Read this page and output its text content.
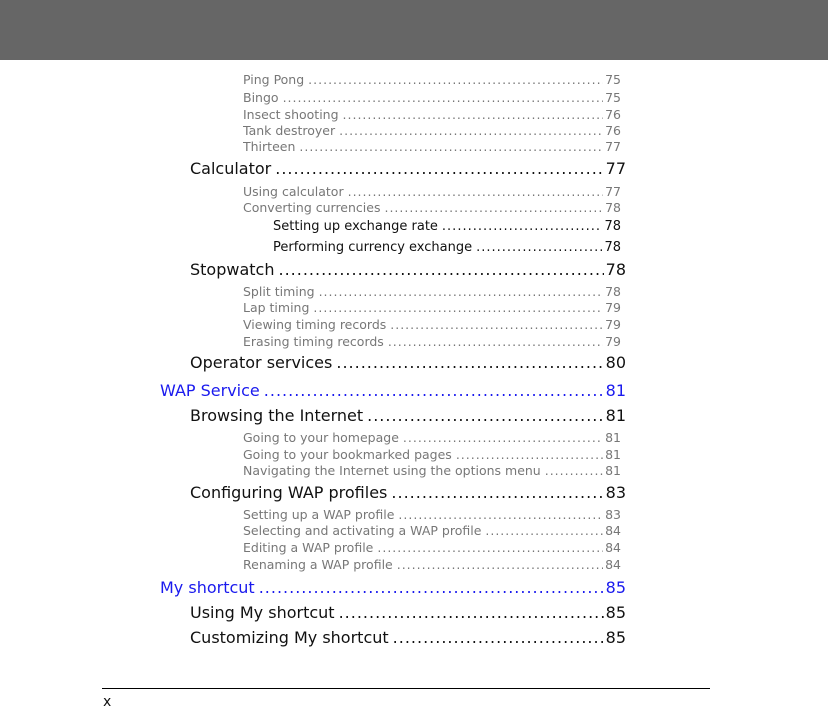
Ping Pong .....	75
Bingo .....	75
Insect shooting .....	76
Tank destroyer .....	76
Thirteen .....	77
Calculator .....	77
Using calculator .....	77
Converting currencies .....	78
Setting up exchange rate .....	78
Performing currency exchange .....	78
Stopwatch .....	78
Split timing .....	78
Lap timing .....	79
Viewing timing records .....	79
Erasing timing records .....	79
Operator services .....	80
WAP Service .....	81
Browsing the Internet .....	81
Going to your homepage .....	81
Going to your bookmarked pages .....	81
Navigating the Internet using the options menu .....	81
Configuring WAP profiles .....	83
Setting up a WAP profile .....	83
Selecting and activating a WAP profile .....	84
Editing a WAP profile .....	84
Renaming a WAP profile .....	84
My shortcut .....	85
Using My shortcut .....	85
Customizing My shortcut .....	85
x
